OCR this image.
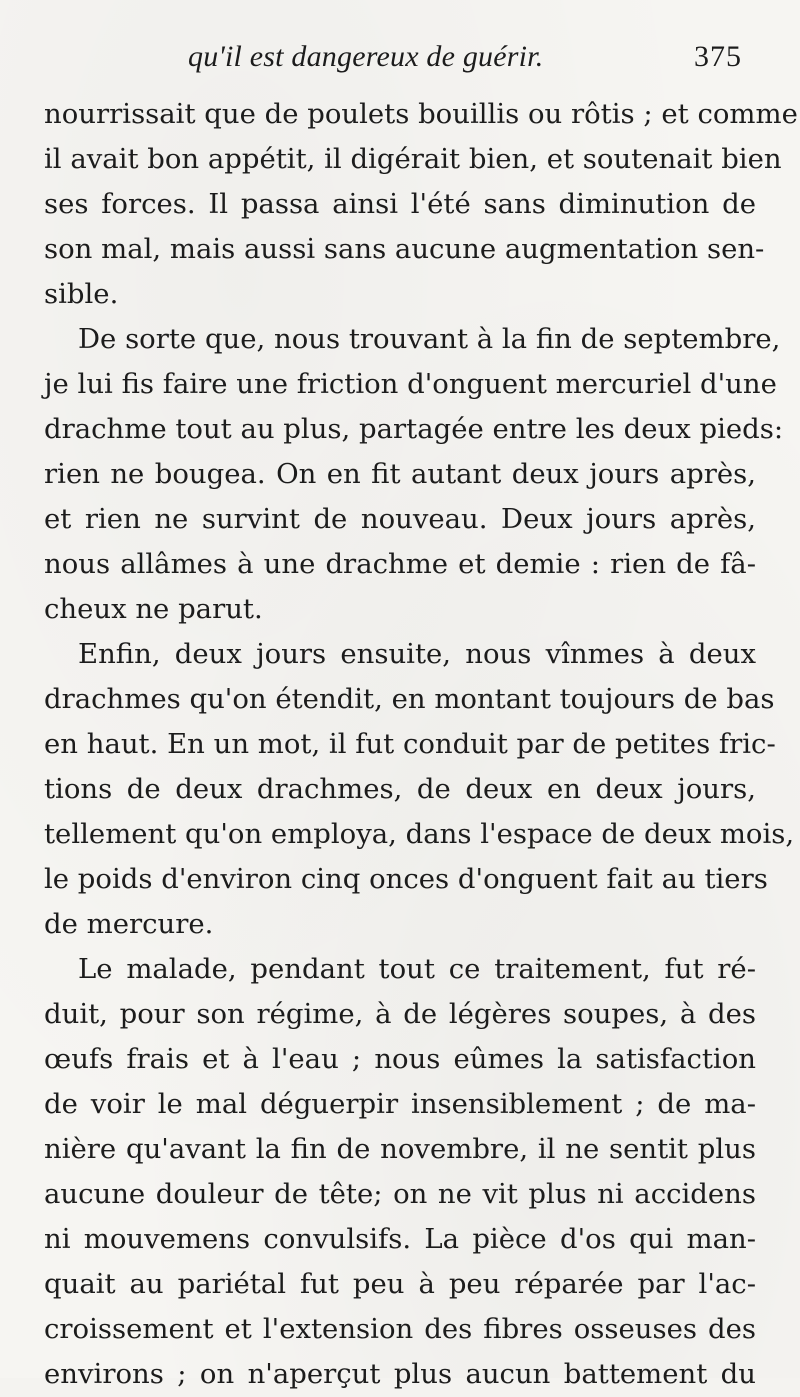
qu'il est dangereux de guérir.	375
nourrissait que de poulets bouillis ou rôtis ; et comme
il avait bon appétit, il digérait bien, et soutenait bien
ses forces. Il passa ainsi l'été sans diminution de
son mal, mais aussi sans aucune augmentation sen-
sible.
De sorte que, nous trouvant à la fin de septembre,
je lui fis faire une friction d'onguent mercuriel d'une
drachme tout au plus, partagée entre les deux pieds:
rien ne bougea. On en fit autant deux jours après,
et rien ne survint de nouveau. Deux jours après,
nous allâmes à une drachme et demie : rien de fâ-
cheux ne parut.
Enfin, deux jours ensuite, nous vînmes à deux
drachmes qu'on étendit, en montant toujours de bas
en haut. En un mot, il fut conduit par de petites fric-
tions de deux drachmes, de deux en deux jours,
tellement qu'on employa, dans l'espace de deux mois,
le poids d'environ cinq onces d'onguent fait au tiers
de mercure.
Le malade, pendant tout ce traitement, fut ré-
duit, pour son régime, à de légères soupes, à des
œufs frais et à l'eau ; nous eûmes la satisfaction
de voir le mal déguerpir insensiblement ; de ma-
nière qu'avant la fin de novembre, il ne sentit plus
aucune douleur de tête; on ne vit plus ni accidens
ni mouvemens convulsifs. La pièce d'os qui man-
quait au pariétal fut peu à peu réparée par l'ac-
croissement et l'extension des fibres osseuses des
environs ; on n'aperçut plus aucun battement du
